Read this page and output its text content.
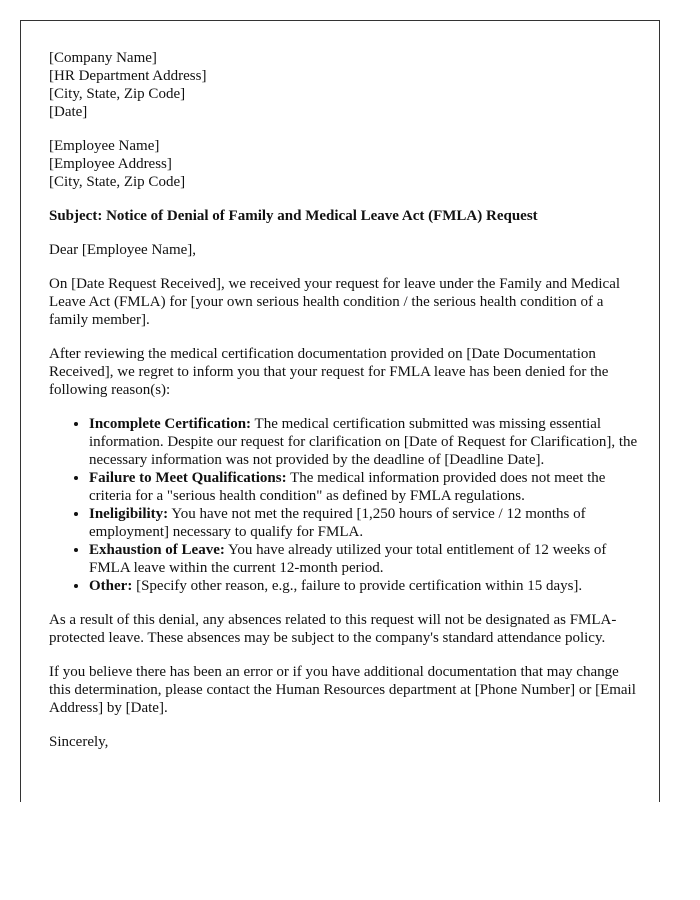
[Company Name]
[HR Department Address]
[City, State, Zip Code]
[Date]
[Employee Name]
[Employee Address]
[City, State, Zip Code]
Subject: Notice of Denial of Family and Medical Leave Act (FMLA) Request

Dear [Employee Name],

On [Date Request Received], we received your request for leave under the Family and Medical Leave Act (FMLA) for [your own serious health condition / the serious health condition of a family member].

After reviewing the medical certification documentation provided on [Date Documentation Received], we regret to inform you that your request for FMLA leave has been denied for the following reason(s):

• Incomplete Certification: The medical certification submitted was missing essential information. Despite our request for clarification on [Date of Request for Clarification], the necessary information was not provided by the deadline of [Deadline Date].
• Failure to Meet Qualifications: The medical information provided does not meet the criteria for a "serious health condition" as defined by FMLA regulations.
• Ineligibility: You have not met the required [1,250 hours of service / 12 months of employment] necessary to qualify for FMLA.
• Exhaustion of Leave: You have already utilized your total entitlement of 12 weeks of FMLA leave within the current 12-month period.
• Other: [Specify other reason, e.g., failure to provide certification within 15 days].

As a result of this denial, any absences related to this request will not be designated as FMLA-protected leave. These absences may be subject to the company's standard attendance policy.

If you believe there has been an error or if you have additional documentation that may change this determination, please contact the Human Resources department at [Phone Number] or [Email Address] by [Date].

Sincerely,
